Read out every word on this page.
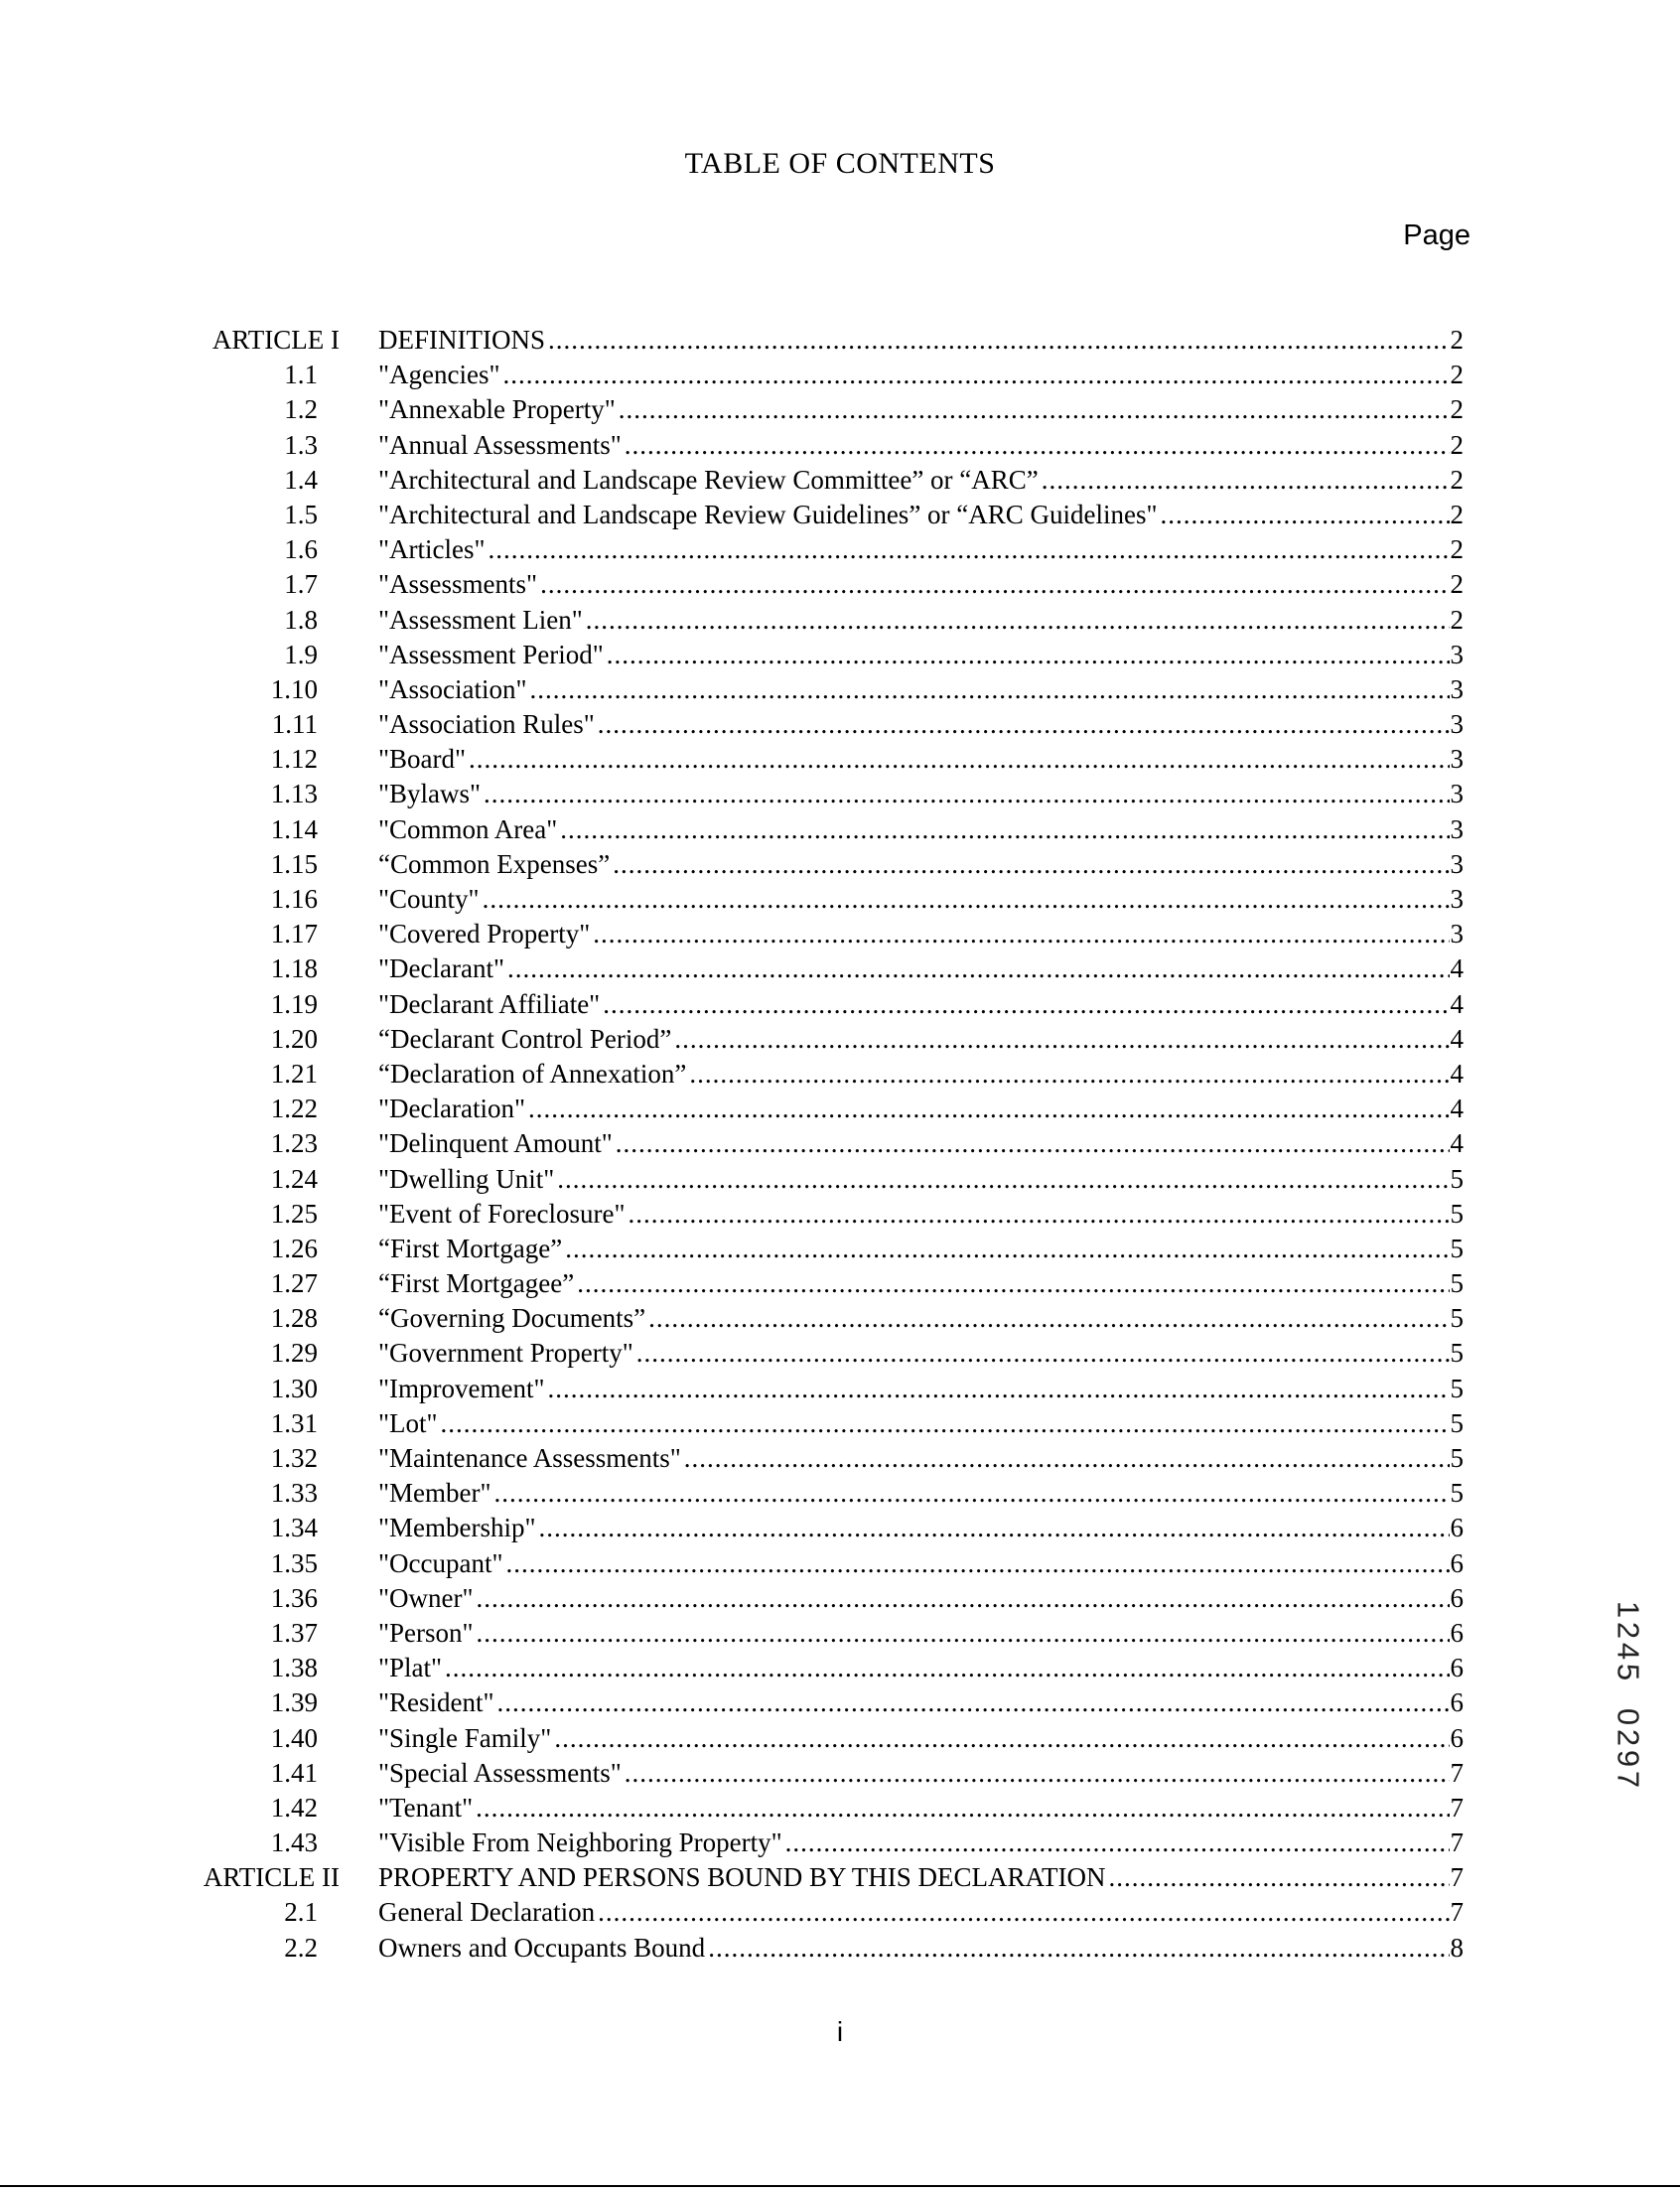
TABLE OF CONTENTS
Page
ARTICLE I DEFINITIONS .....	2
1.1 "Agencies" .....	2
1.2 "Annexable Property" .....	2
1.3 "Annual Assessments" .....	2
1.4 "Architectural and Landscape Review Committee” or “ARC” .....	2
1.5 "Architectural and Landscape Review Guidelines” or “ARC Guidelines" .....	2
1.6 "Articles" .....	2
1.7 "Assessments" .....	2
1.8 "Assessment Lien" .....	2
1.9 "Assessment Period" .....	3
1.10 "Association" .....	3
1.11 "Association Rules" .....	3
1.12 "Board" .....	3
1.13 "Bylaws" .....	3
1.14 "Common Area" .....	3
1.15 “Common Expenses” .....	3
1.16 "County" .....	3
1.17 "Covered Property" .....	3
1.18 "Declarant" .....	4
1.19 "Declarant Affiliate" .....	4
1.20 “Declarant Control Period” .....	4
1.21 “Declaration of Annexation” .....	4
1.22 "Declaration" .....	4
1.23 "Delinquent Amount" .....	4
1.24 "Dwelling Unit" .....	5
1.25 "Event of Foreclosure" .....	5
1.26 “First Mortgage” .....	5
1.27 “First Mortgagee” .....	5
1.28 “Governing Documents” .....	5
1.29 "Government Property" .....	5
1.30 "Improvement" .....	5
1.31 "Lot" .....	5
1.32 "Maintenance Assessments" .....	5
1.33 "Member" .....	5
1.34 "Membership" .....	6
1.35 "Occupant" .....	6
1.36 "Owner" .....	6
1.37 "Person" .....	6
1.38 "Plat" .....	6
1.39 "Resident" .....	6
1.40 "Single Family" .....	6
1.41 "Special Assessments" .....	7
1.42 "Tenant" .....	7
1.43 "Visible From Neighboring Property" .....	7
ARTICLE II PROPERTY AND PERSONS BOUND BY THIS DECLARATION .....	7
2.1 General Declaration .....	7
2.2 Owners and Occupants Bound .....	8
i
1
2
4
5
0
2
9
7
